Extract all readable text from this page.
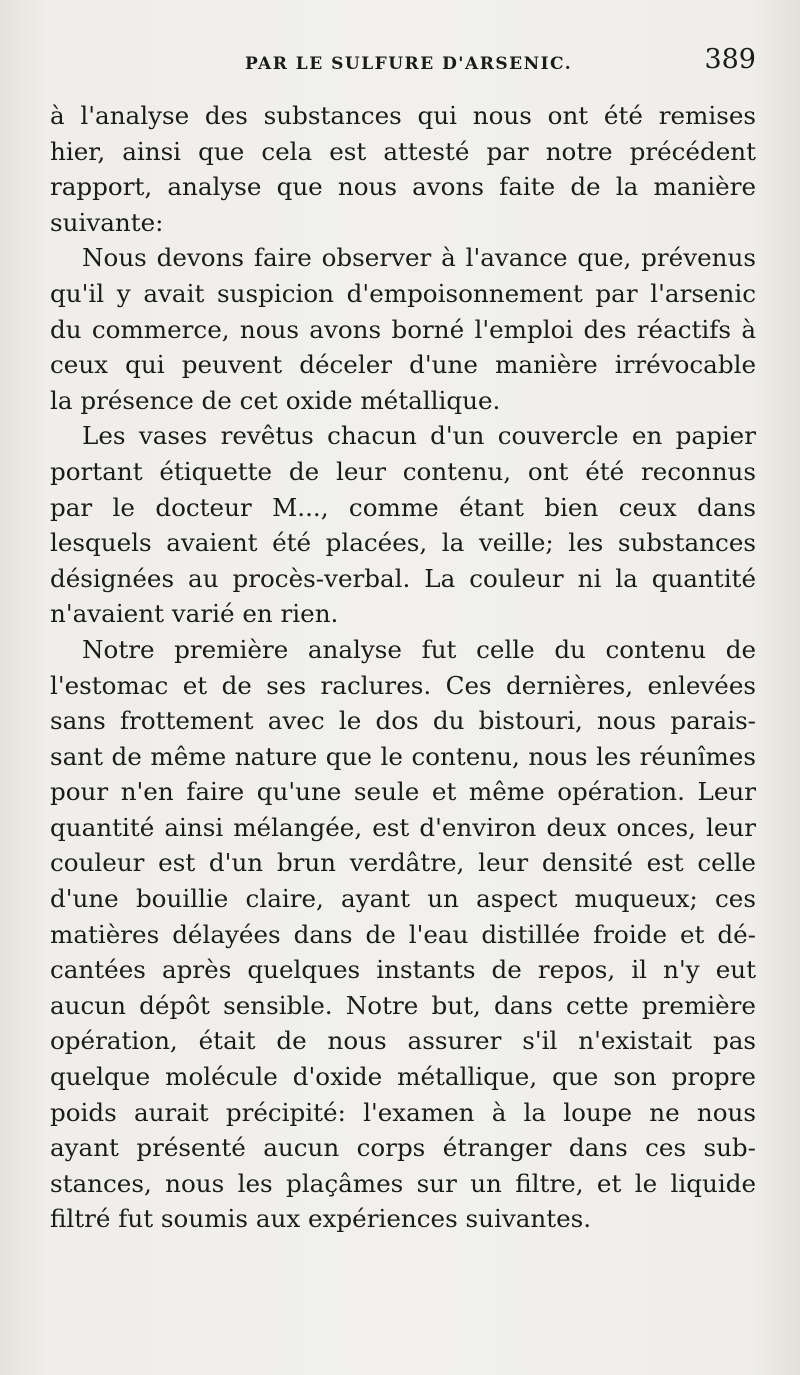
PAR LE SULFURE D'ARSENIC.	389
à l'analyse des substances qui nous ont été remises
hier, ainsi que cela est attesté par notre précédent
rapport, analyse que nous avons faite de la manière
suivante:
Nous devons faire observer à l'avance que, prévenus
qu'il y avait suspicion d'empoisonnement par l'arsenic
du commerce, nous avons borné l'emploi des réactifs à
ceux qui peuvent déceler d'une manière irrévocable
la présence de cet oxide métallique.
Les vases revêtus chacun d'un couvercle en papier
portant étiquette de leur contenu, ont été reconnus
par le docteur M..., comme étant bien ceux dans
lesquels avaient été placées, la veille; les substances
désignées au procès-verbal. La couleur ni la quantité
n'avaient varié en rien.
Notre première analyse fut celle du contenu de
l'estomac et de ses raclures. Ces dernières, enlevées
sans frottement avec le dos du bistouri, nous parais-
sant de même nature que le contenu, nous les réunîmes
pour n'en faire qu'une seule et même opération. Leur
quantité ainsi mélangée, est d'environ deux onces, leur
couleur est d'un brun verdâtre, leur densité est celle
d'une bouillie claire, ayant un aspect muqueux; ces
matières délayées dans de l'eau distillée froide et dé-
cantées après quelques instants de repos, il n'y eut
aucun dépôt sensible. Notre but, dans cette première
opération, était de nous assurer s'il n'existait pas
quelque molécule d'oxide métallique, que son propre
poids aurait précipité: l'examen à la loupe ne nous
ayant présenté aucun corps étranger dans ces sub-
stances, nous les plaçâmes sur un filtre, et le liquide
filtré fut soumis aux expériences suivantes.
